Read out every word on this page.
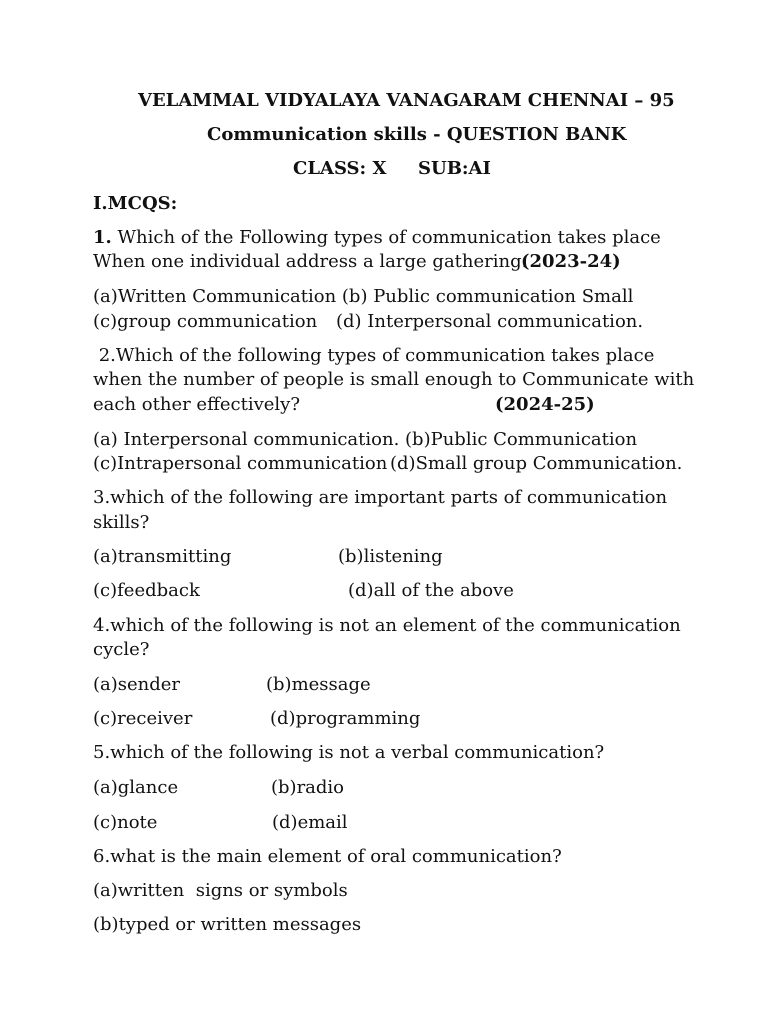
VELAMMAL VIDYALAYA VANAGARAM CHENNAI – 95
Communication skills - QUESTION BANK
CLASS: X SUB:AI
I.MCQS:
1. Which of the Following types of communication takes place
When one individual address a large gathering.
(2023-24)
(a)Written Communication (b) Public communication Small
(c)group communication (d) Interpersonal communication.
2.Which of the following types of communication takes place
when the number of people is small enough to Communicate with
each other effectively?	(2024-25)
(a) Interpersonal communication. (b)Public Communication
(c)Intrapersonal communication (d)Small group Communication.
3.which of the following are important parts of communication
skills?
(a)transmitting	(b)listening
(c)feedback	(d)all of the above
4.which of the following is not an element of the communication
cycle?
(a)sender	(b)message
(c)receiver	(d)programming
5.which of the following is not a verbal communication?
(a)glance	(b)radio
(c)note	(d)email
6.what is the main element of oral communication?
(a)written  signs or symbols
(b)typed or written messages
